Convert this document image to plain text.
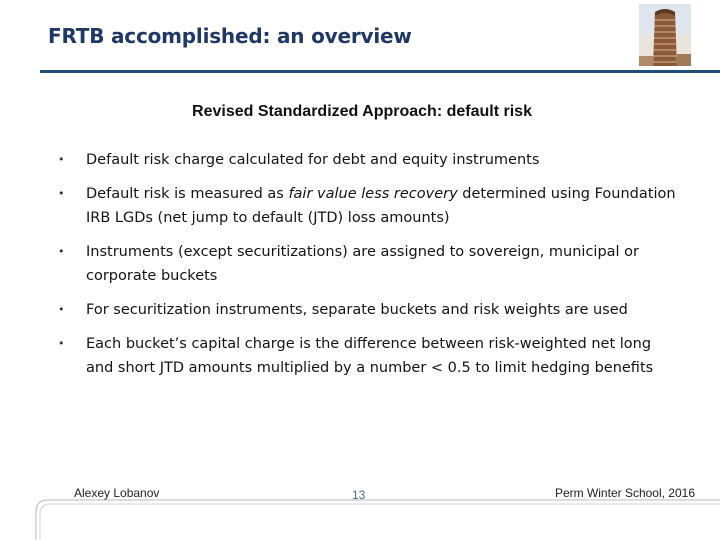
FRTB accomplished: an overview
Revised Standardized Approach: default risk
• Default risk charge calculated for debt and equity instruments
• Default risk is measured as fair value less recovery determined using Foundation IRB LGDs (net jump to default (JTD) loss amounts)
• Instruments (except securitizations) are assigned to sovereign, municipal or corporate buckets
• For securitization instruments, separate buckets and risk weights are used
• Each bucket’s capital charge is the difference between risk-weighted net long and short JTD amounts multiplied by a number < 0.5 to limit hedging benefits
Alexey Lobanov	13	Perm Winter School, 2016
